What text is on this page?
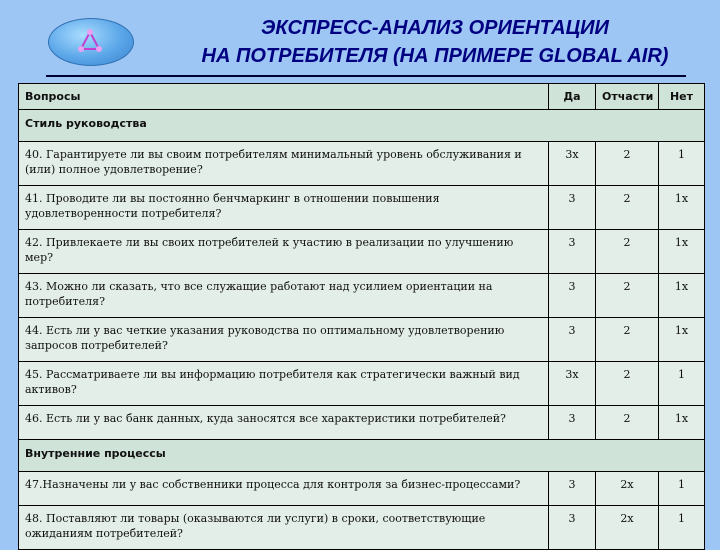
ЭКСПРЕСС-АНАЛИЗ ОРИЕНТАЦИИ
НА ПОТРЕБИТЕЛЯ (НА ПРИМЕРЕ GLOBAL AIR)
Вопросы	Да	Отчасти	Нет
Стиль руководства			
40. Гарантируете ли вы своим потребителям минимальный уровень обслуживания и (или) полное удовлетворение?	3x	2	1
41. Проводите ли вы постоянно бенчмаркинг в отношении повышения удовлетворенности потребителя?	3	2	1x
42. Привлекаете ли вы своих потребителей к участию в реализации по улучшению мер?	3	2	1x
43. Можно ли сказать, что все служащие работают над усилием ориентации на потребителя?	3	2	1x
44. Есть ли у вас четкие указания руководства по оптимальному удовлетворению запросов потребителей?	3	2	1x
45. Рассматриваете ли вы информацию потребителя как стратегически важный вид активов?	3x	2	1
46. Есть ли у вас банк данных, куда заносятся все характеристики потребителей?	3	2	1x
Внутренние процессы			
47.Назначены ли у вас собственники процесса для контроля за бизнес-процессами?	3	2x	1
48. Поставляют ли товары (оказываются ли услуги) в сроки, соответствующие ожиданиям потребителей?	3	2x	1
